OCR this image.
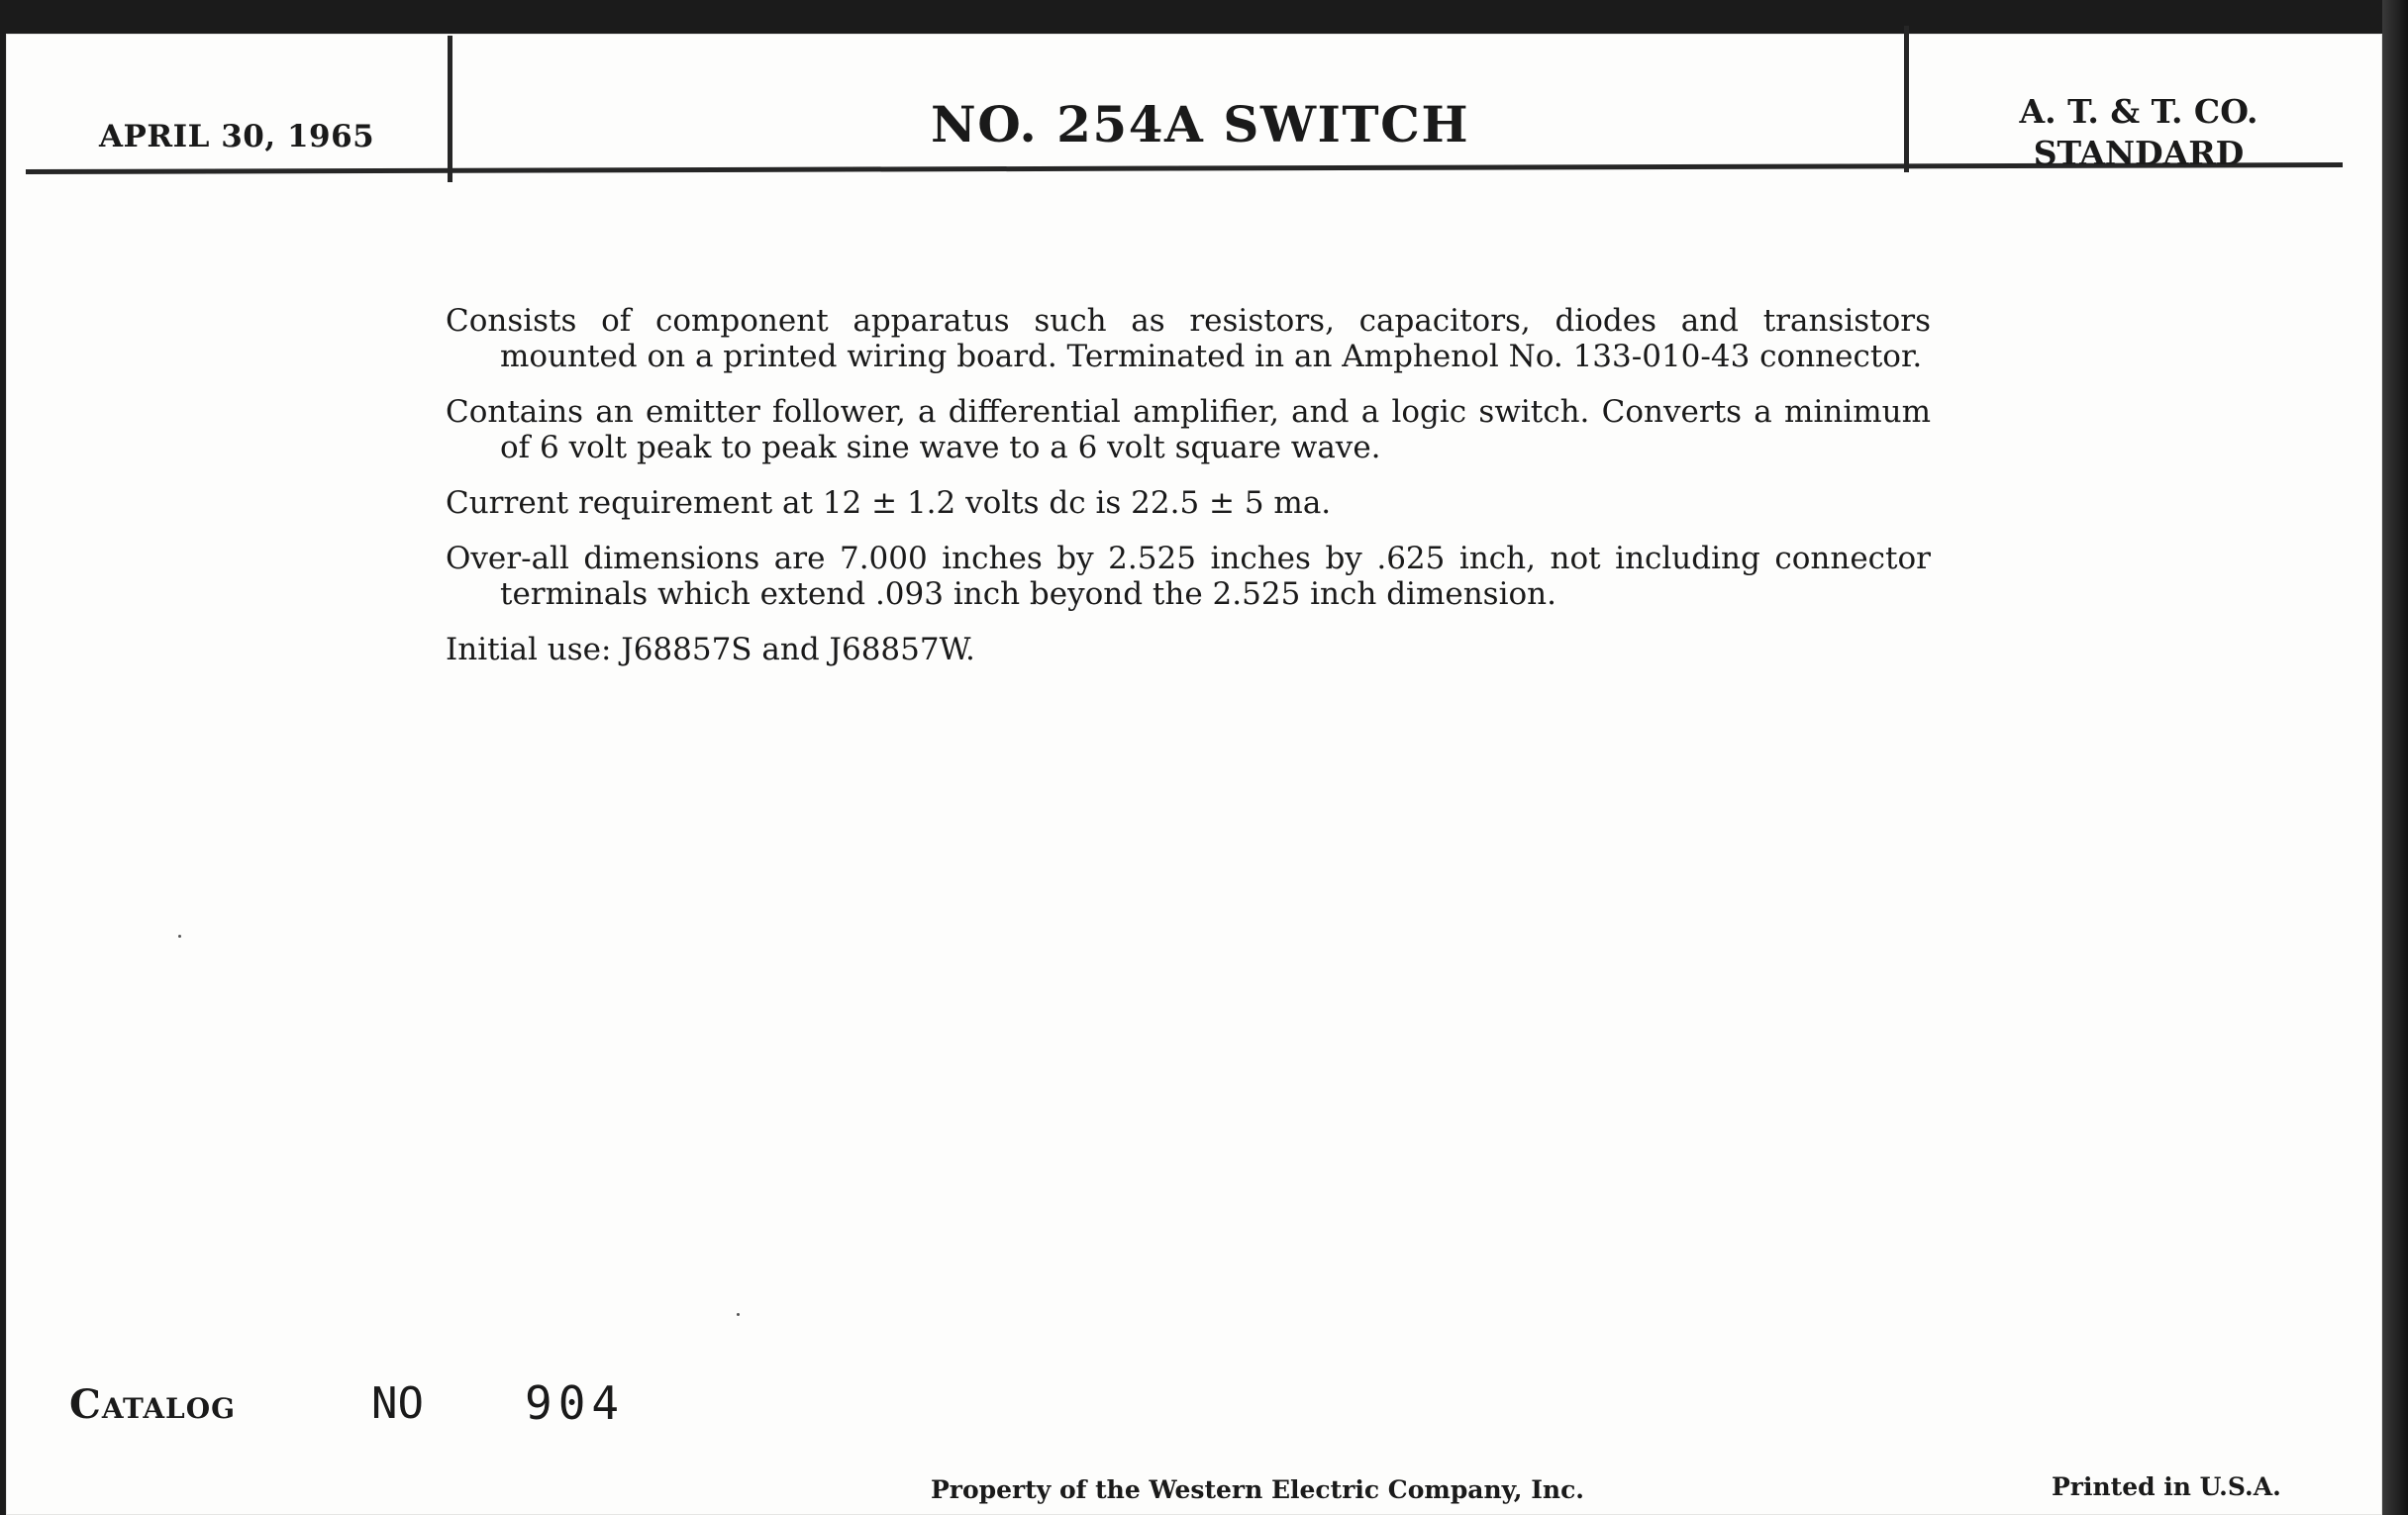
APRIL 30, 1965	NO. 254A SWITCH	A. T. & T. CO.
STANDARD

Consists of component apparatus such as resistors, capacitors, diodes and transistors mounted on a printed wiring board. Terminated in an Amphenol No. 133-010-43 connector.

Contains an emitter follower, a differential amplifier, and a logic switch. Converts a minimum of 6 volt peak to peak sine wave to a 6 volt square wave.

Current requirement at 12 ± 1.2 volts dc is 22.5 ± 5 ma.

Over-all dimensions are 7.000 inches by 2.525 inches by .625 inch, not including connector terminals which extend .093 inch beyond the 2.525 inch dimension.

Initial use: J68857S and J68857W.

Catalog	NO 904
Property of the Western Electric Company, Inc.	Printed in U.S.A.
